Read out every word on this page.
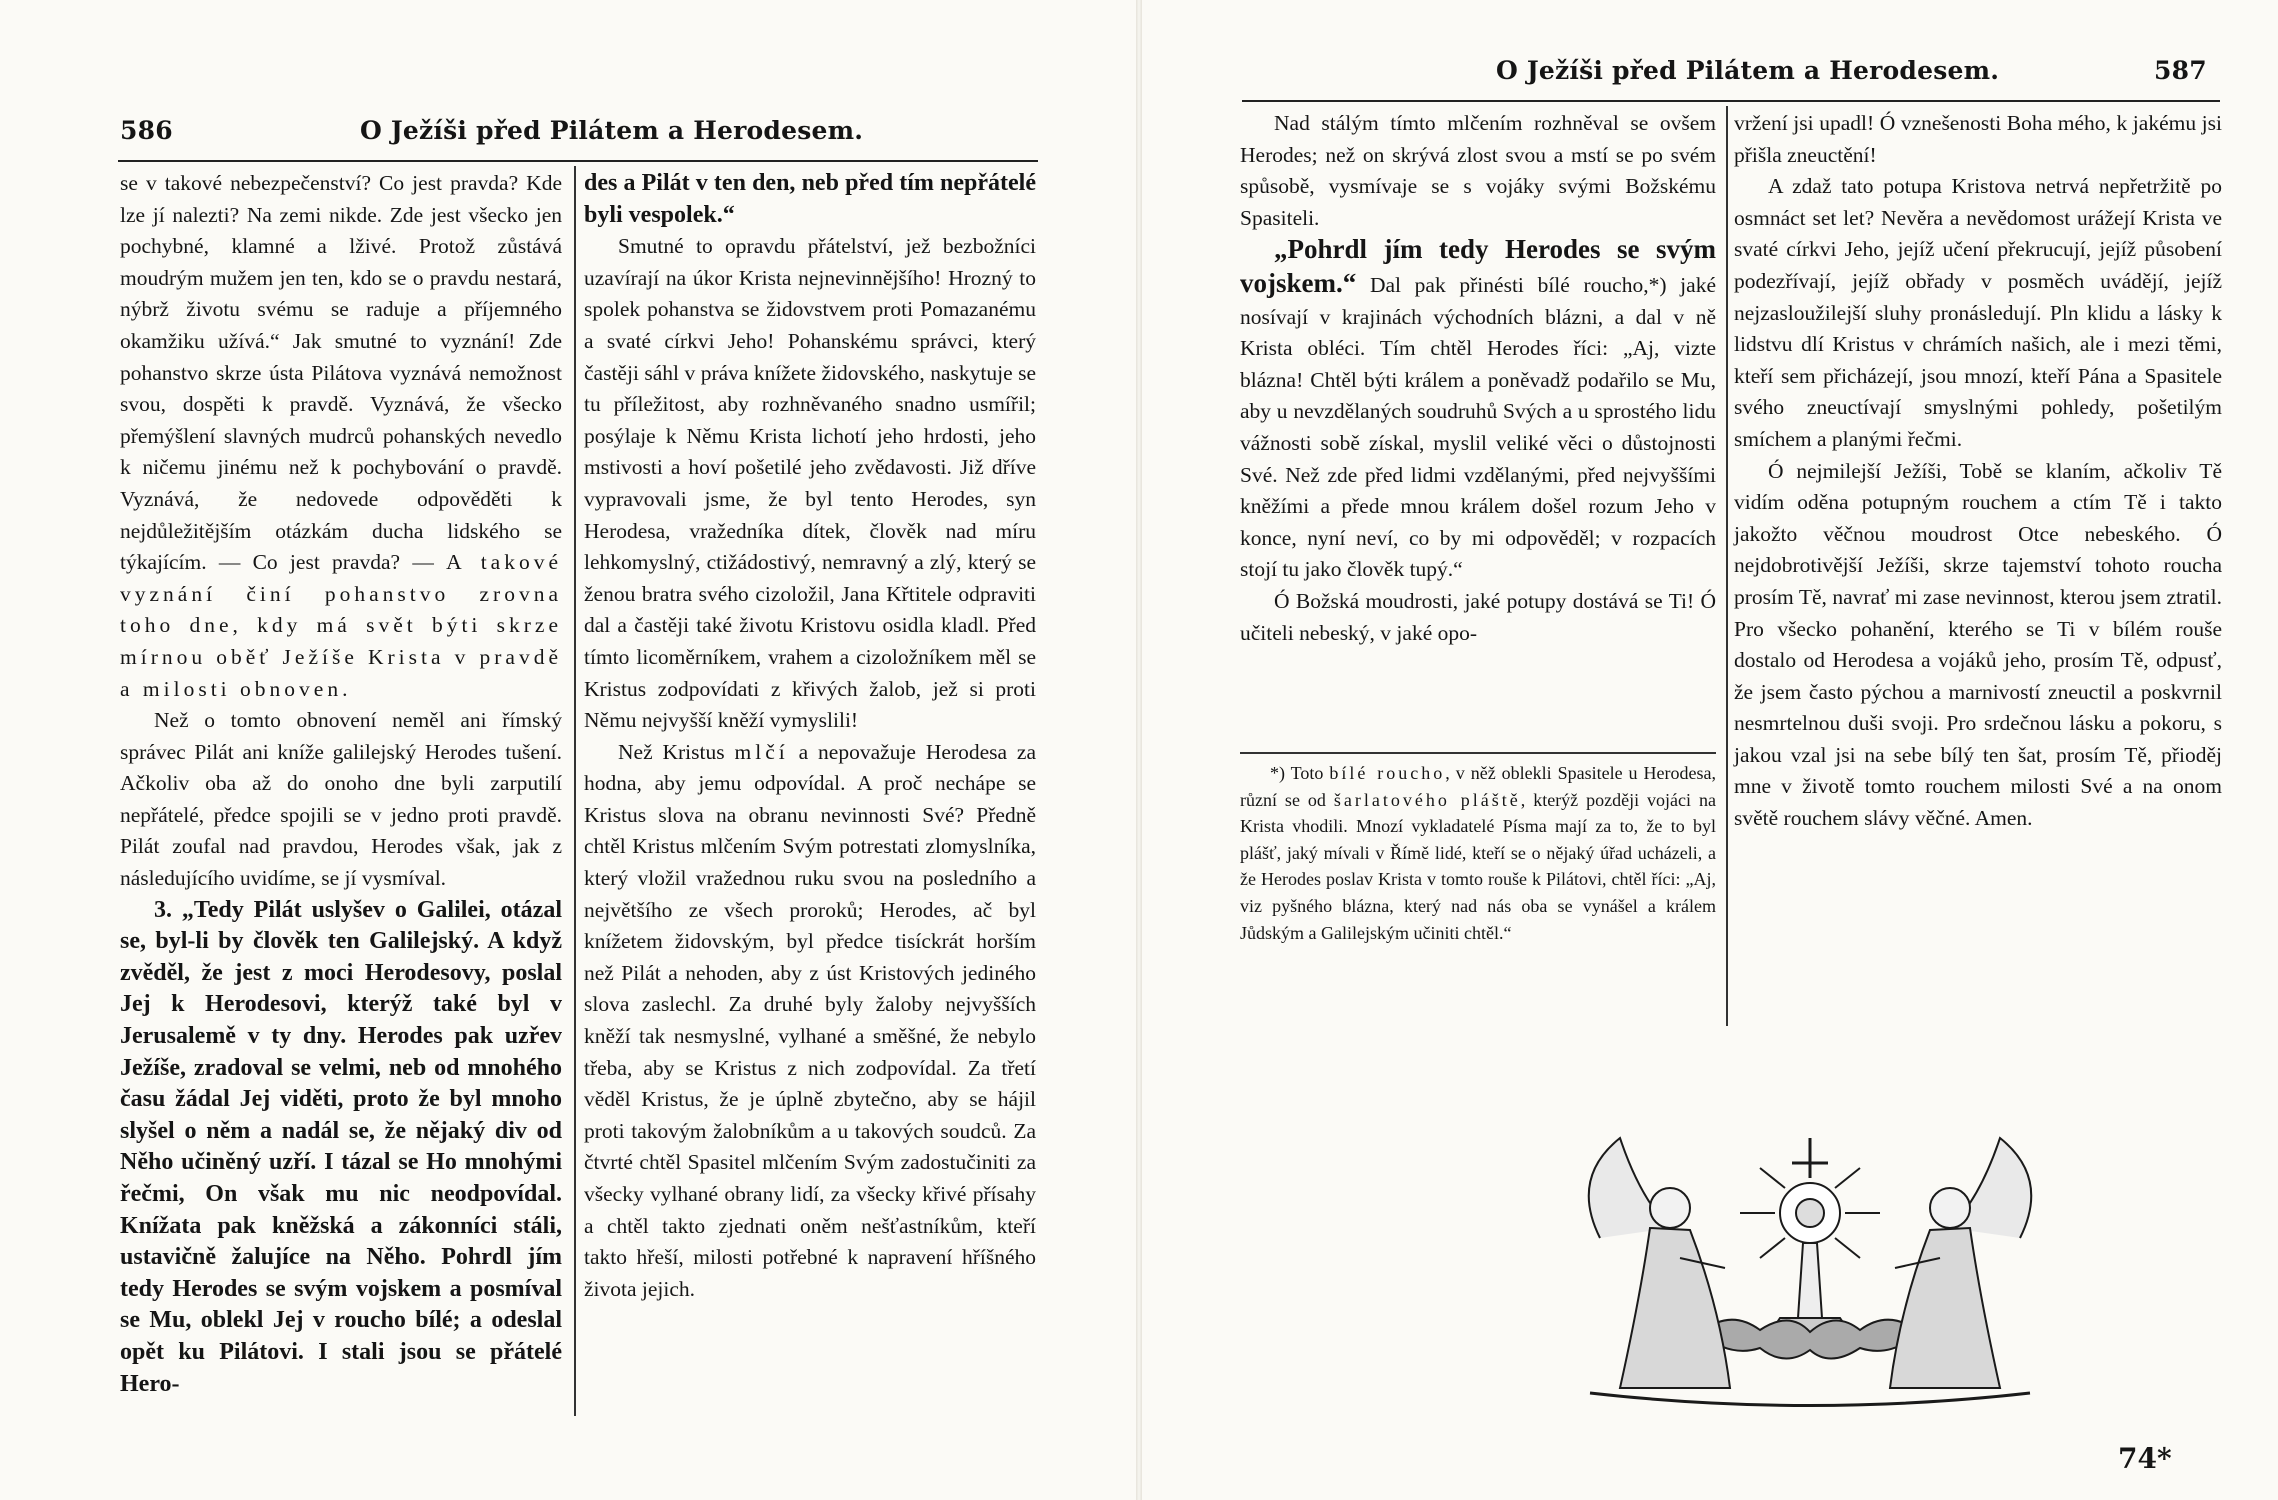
586	O Ježíši před Pilátem a Herodesem.

se v takové nebezpečenství? Co jest pravda? Kde lze jí nalezti? Na zemi nikde. Zde jest všecko jen pochybné, klamné a lživé. Protož zůstává moudrým mužem jen ten, kdo se o pravdu nestará, nýbrž životu svému se raduje a příjemného okamžiku užívá.“ Jak smutné to vyznání! Zde pohanstvo skrze ústa Pilátova vyznává nemožnost svou, dospěti k pravdě. Vyznává, že všecko přemýšlení slavných mudrců pohanských nevedlo k ničemu jinému než k pochybování o pravdě. Vyznává, že nedovede odpověděti k nejdůležitějším otázkám ducha lidského se týkajícím. — Co jest pravda? — A takové vyznání činí pohanstvo zrovna toho dne, kdy má svět býti skrze mírnou oběť Ježíše Krista v pravdě a milosti obnoven.

Než o tomto obnovení neměl ani římský správec Pilát ani kníže galilejský Herodes tušení. Ačkoliv oba až do onoho dne byli zarputilí nepřátelé, předce spojili se v jedno proti pravdě. Pilát zoufal nad pravdou, Herodes však, jak z následujícího uvidíme, se jí vysmíval.

3. „Tedy Pilát uslyšev o Galilei, otázal se, byl-li by člověk ten Galilejský. A když zvěděl, že jest z moci Herodesovy, poslal Jej k Herodesovi, kterýž také byl v Jerusalemě v ty dny. Herodes pak uzřev Ježíše, zradoval se velmi, neb od mnohého času žádal Jej viděti, proto že byl mnoho slyšel o něm a nadál se, že nějaký div od Něho učiněný uzří. I tázal se Ho mnohými řečmi, On však mu nic neodpovídal. Knížata pak kněžská a zákonníci stáli, ustavičně žalujíce na Něho. Pohrdl jím tedy Herodes se svým vojskem a posmíval se Mu, oblekl Jej v roucho bílé; a odeslal opět ku Pilátovi. I stali jsou se přátelé Hero-

des a Pilát v ten den, neb před tím nepřátelé byli vespolek.“

Smutné to opravdu přátelství, jež bezbožníci uzavírají na úkor Krista nejnevinnějšího! Hrozný to spolek pohanstva se židovstvem proti Pomazanému a svaté církvi Jeho! Pohanskému správci, který častěji sáhl v práva knížete židovského, naskytuje se tu příležitost, aby rozhněvaného snadno usmířil; posýlaje k Němu Krista lichotí jeho hrdosti, jeho mstivosti a hoví pošetilé jeho zvědavosti. Již dříve vypravovali jsme, že byl tento Herodes, syn Herodesa, vražedníka dítek, člověk nad míru lehkomyslný, ctižádostivý, nemravný a zlý, který se ženou bratra svého cizoložil, Jana Křtitele odpraviti dal a častěji také životu Kristovu osidla kladl. Před tímto licoměrníkem, vrahem a cizoložníkem měl se Kristus zodpovídati z křivých žalob, jež si proti Němu nejvyšší kněží vymyslili!

Než Kristus mlčí a nepovažuje Herodesa za hodna, aby jemu odpovídal. A proč nechápe se Kristus slova na obranu nevinnosti Své? Předně chtěl Kristus mlčením Svým potrestati zlomyslníka, který vložil vražednou ruku svou na posledního a největšího ze všech proroků; Herodes, ač byl knížetem židovským, byl předce tisíckrát horším než Pilát a nehoden, aby z úst Kristových jediného slova zaslechl. Za druhé byly žaloby nejvyšších kněží tak nesmyslné, vylhané a směšné, že nebylo třeba, aby se Kristus z nich zodpovídal. Za třetí věděl Kristus, že je úplně zbytečno, aby se hájil proti takovým žalobníkům a u takových soudců. Za čtvrté chtěl Spasitel mlčením Svým zadostučiniti za všecky vylhané obrany lidí, za všecky křivé přísahy a chtěl takto zjednati oněm nešťastníkům, kteří takto hřeší, milosti potřebné k napravení hříšného života jejich.

O Ježíši před Pilátem a Herodesem.	587

Nad stálým tímto mlčením rozhněval se ovšem Herodes; než on skrývá zlost svou a mstí se po svém spůsobě, vysmívaje se s vojáky svými Božskému Spasiteli.

„Pohrdl jím tedy Herodes se svým vojskem.“ Dal pak přinésti bílé roucho,*) jaké nosívají v krajinách východních blázni, a dal v ně Krista obléci. Tím chtěl Herodes říci: „Aj, vizte blázna! Chtěl býti králem a poněvadž podařilo se Mu, aby u nevzdělaných soudruhů Svých a u sprostého lidu vážnosti sobě získal, myslil veliké věci o důstojnosti Své. Než zde před lidmi vzdělanými, před nejvyššími kněžími a přede mnou králem došel rozum Jeho v konce, nyní neví, co by mi odpověděl; v rozpacích stojí tu jako člověk tupý.“

Ó Božská moudrosti, jaké potupy dostává se Ti! Ó učiteli nebeský, v jaké opo-

*) Toto bílé roucho, v něž oblekli Spasitele u Herodesa, různí se od šarlatového pláště, kterýž později vojáci na Krista vhodili. Mnozí vykladatelé Písma mají za to, že to byl plášť, jaký mívali v Římě lidé, kteří se o nějaký úřad ucházeli, a že Herodes poslav Krista v tomto rouše k Pilátovi, chtěl říci: „Aj, viz pyšného blázna, který nad nás oba se vynášel a králem Jůdským a Galilejským učiniti chtěl.“

vržení jsi upadl! Ó vznešenosti Boha mého, k jakému jsi přišla zneuctění!

A zdaž tato potupa Kristova netrvá nepřetržitě po osmnáct set let? Nevěra a nevědomost urážejí Krista ve svaté církvi Jeho, jejíž učení překrucují, jejíž působení podezřívají, jejíž obřady v posměch uvádějí, jejíž nejzasloužilejší sluhy pronásledují. Pln klidu a lásky k lidstvu dlí Kristus v chrámích našich, ale i mezi těmi, kteří sem přicházejí, jsou mnozí, kteří Pána a Spasitele svého zneuctívají smyslnými pohledy, pošetilým smíchem a planými řečmi.

Ó nejmilejší Ježíši, Tobě se klaním, ačkoliv Tě vidím oděna potupným rouchem a ctím Tě i takto jakožto věčnou moudrost Otce nebeského. Ó nejdobrotivější Ježíši, skrze tajemství tohoto roucha prosím Tě, navrať mi zase nevinnost, kterou jsem ztratil. Pro všecko pohanění, kterého se Ti v bílém rouše dostalo od Herodesa a vojáků jeho, prosím Tě, odpusť, že jsem často pýchou a marnivostí zneuctil a poskvrnil nesmrtelnou duši svoji. Pro srdečnou lásku a pokoru, s jakou vzal jsi na sebe bílý ten šat, prosím Tě, přioděj mne v životě tomto rouchem milosti Své a na onom světě rouchem slávy věčné. Amen.

74*
